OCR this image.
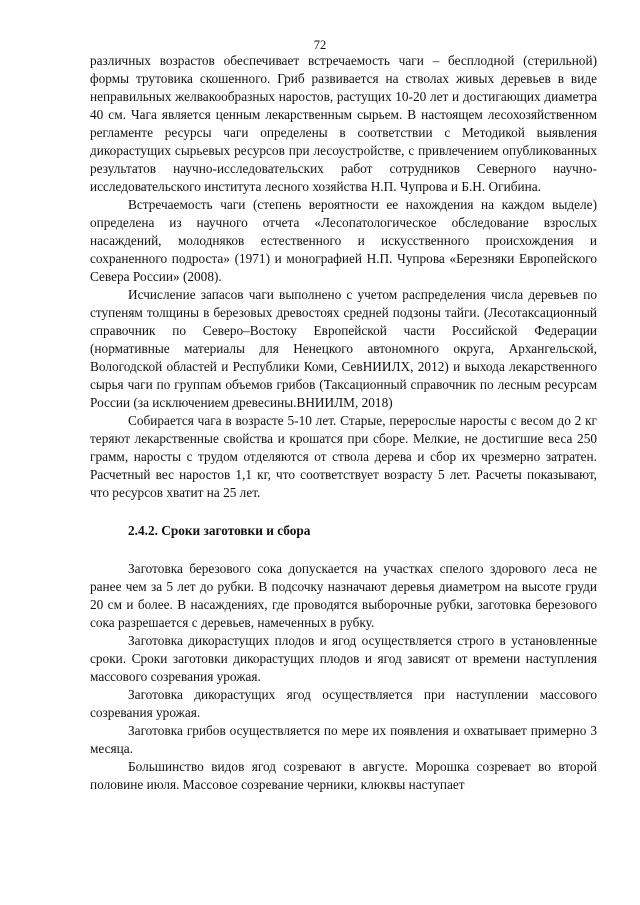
72

различных возрастов обеспечивает встречаемость чаги – бесплодной (стерильной) формы трутовика скошенного. Гриб развивается на стволах живых деревьев в виде неправильных желвакообразных наростов, растущих 10-20 лет и достигающих диаметра 40 см. Чага является ценным лекарственным сырьем. В настоящем лесохозяйственном регламенте ресурсы чаги определены в соответствии с Методикой выявления дикорастущих сырьевых ресурсов при лесоустройстве, с привлечением опубликованных результатов научно-исследовательских работ сотрудников Северного научно-исследовательского института лесного хозяйства Н.П. Чупрова и Б.Н. Огибина.

Встречаемость чаги (степень вероятности ее нахождения на каждом выделе) определена из научного отчета «Лесопатологическое обследование взрослых насаждений, молодняков естественного и искусственного происхождения и сохраненного подроста» (1971) и монографией Н.П. Чупрова «Березняки Европейского Севера России» (2008).

Исчисление запасов чаги выполнено с учетом распределения числа деревьев по ступеням толщины в березовых древостоях средней подзоны тайги. (Лесотаксационный справочник по Северо–Востоку Европейской части Российской Федерации (нормативные материалы для Ненецкого автономного округа, Архангельской, Вологодской областей и Республики Коми, СевНИИЛХ, 2012) и выхода лекарственного сырья чаги по группам объемов грибов (Таксационный справочник по лесным ресурсам России (за исключением древесины.ВНИИЛМ, 2018)

Собирается чага в возрасте 5-10 лет. Старые, перерослые наросты с весом до 2 кг теряют лекарственные свойства и крошатся при сборе. Мелкие, не достигшие веса 250 грамм, наросты с трудом отделяются от ствола дерева и сбор их чрезмерно затратен. Расчетный вес наростов 1,1 кг, что соответствует возрасту 5 лет. Расчеты показывают, что ресурсов хватит на 25 лет.

2.4.2. Сроки заготовки и сбора

Заготовка березового сока допускается на участках спелого здорового леса не ранее чем за 5 лет до рубки. В подсочку назначают деревья диаметром на высоте груди 20 см и более. В насаждениях, где проводятся выборочные рубки, заготовка березового сока разрешается с деревьев, намеченных в рубку.

Заготовка дикорастущих плодов и ягод осуществляется строго в установленные сроки. Сроки заготовки дикорастущих плодов и ягод зависят от времени наступления массового созревания урожая.

Заготовка дикорастущих ягод осуществляется при наступлении массового созревания урожая.

Заготовка грибов осуществляется по мере их появления и охватывает примерно 3 месяца.

Большинство видов ягод созревают в августе. Морошка созревает во второй половине июля. Массовое созревание черники, клюквы наступает
